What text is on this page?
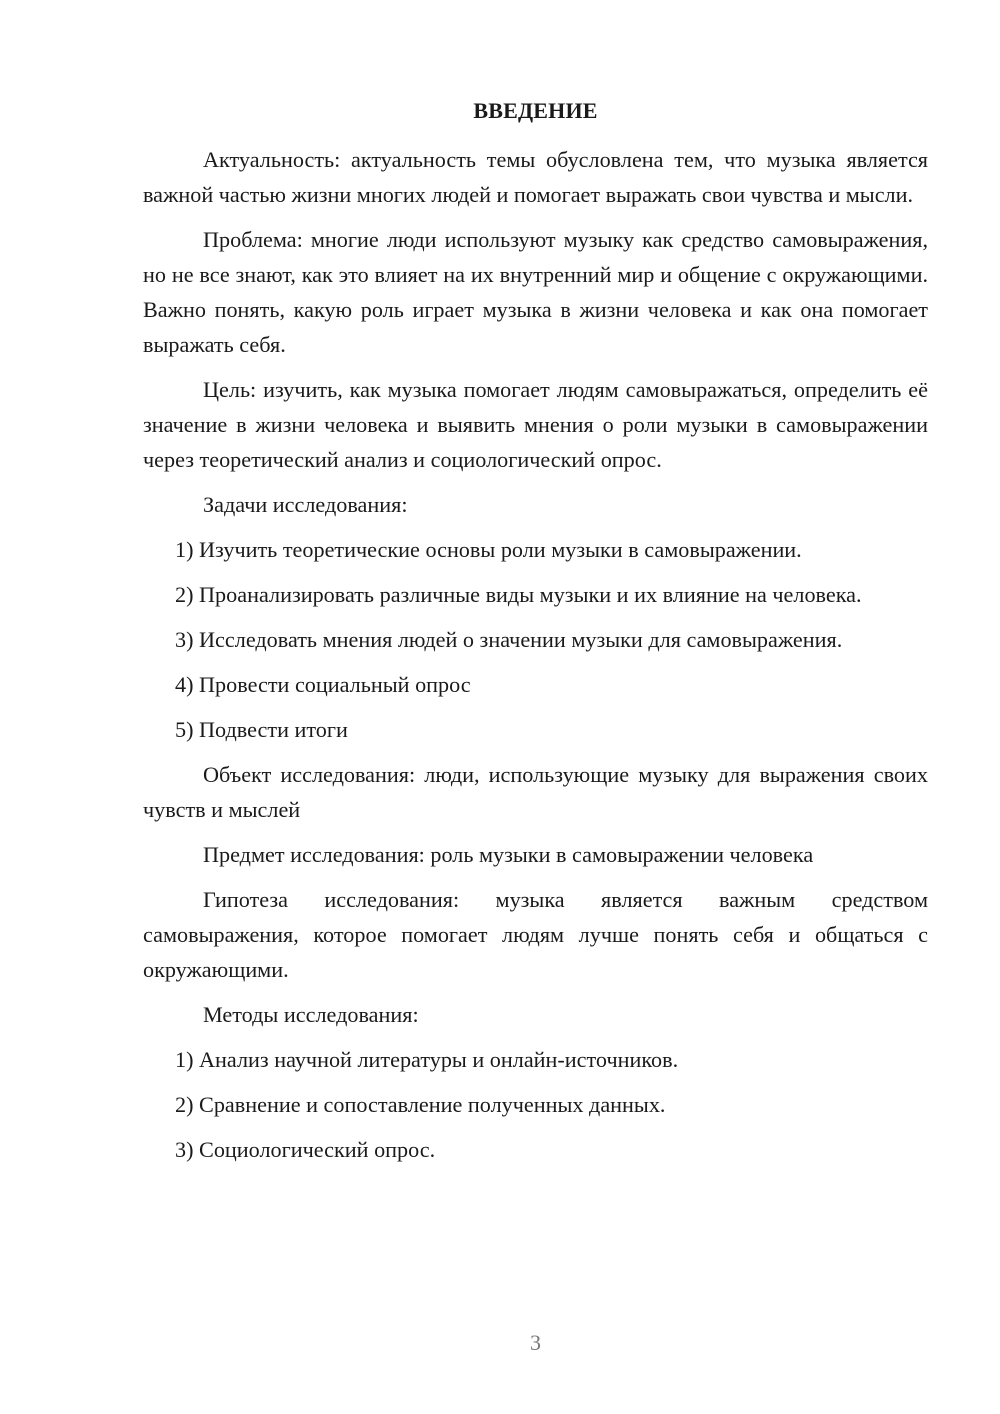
ВВЕДЕНИЕ

Актуальность: актуальность темы обусловлена тем, что музыка является важной частью жизни многих людей и помогает выражать свои чувства и мысли.

Проблема: многие люди используют музыку как средство самовыражения, но не все знают, как это влияет на их внутренний мир и общение с окружающими. Важно понять, какую роль играет музыка в жизни человека и как она помогает выражать себя.

Цель: изучить, как музыка помогает людям самовыражаться, определить её значение в жизни человека и выявить мнения о роли музыки в самовыражении через теоретический анализ и социологический опрос.

Задачи исследования:

1) Изучить теоретические основы роли музыки в самовыражении.

2) Проанализировать различные виды музыки и их влияние на человека.

3) Исследовать мнения людей о значении музыки для самовыражения.

4) Провести социальный опрос

5) Подвести итоги

Объект исследования: люди, использующие музыку для выражения своих чувств и мыслей

Предмет исследования: роль музыки в самовыражении человека

Гипотеза исследования: музыка является важным средством самовыражения, которое помогает людям лучше понять себя и общаться с окружающими.

Методы исследования:

1) Анализ научной литературы и онлайн-источников.

2) Сравнение и сопоставление полученных данных.

3) Социологический опрос.

3
